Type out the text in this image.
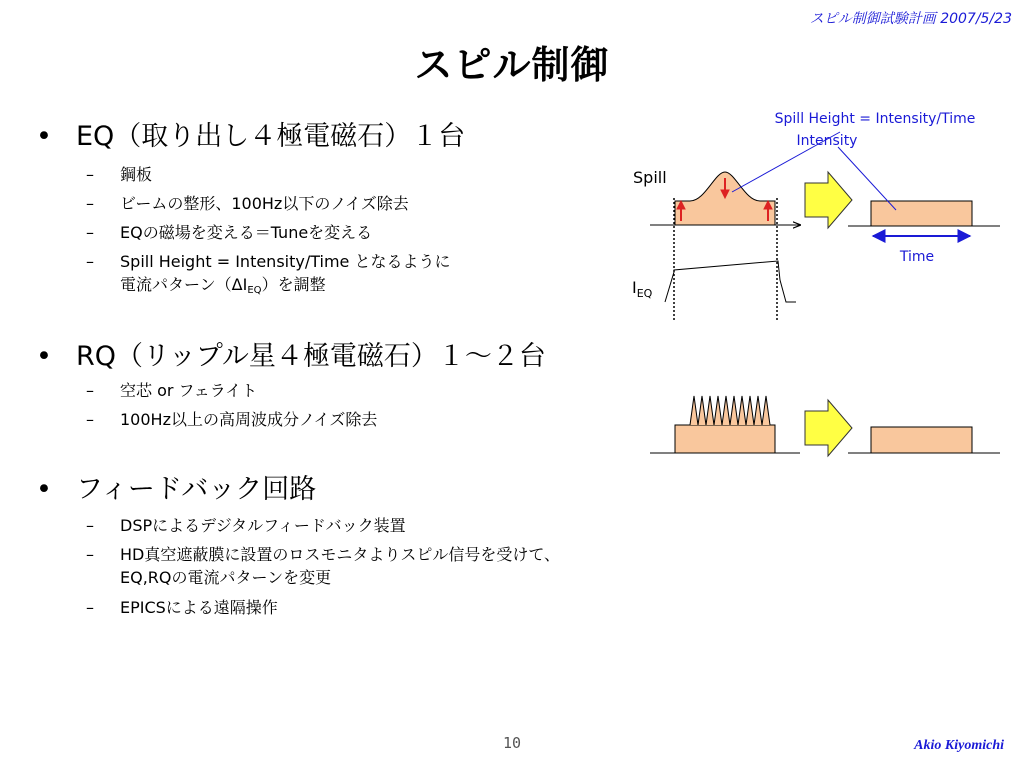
スピル制御試験計画 2007/5/23
スピル制御
• EQ（取り出し４極電磁石）１台
– 鋼板
– ビームの整形、100Hz以下のノイズ除去
– EQの磁場を変える＝Tuneを変える
– Spill Height = Intensity/Time となるように
電流パターン$(\Delta I_{EQ})$を調整
• RQ（リップル星４極電磁石）１～２台
– 空芯 or フェライト
– 100Hz以上の高周波成分ノイズ除去
• フィードバック回路
– DSPによるデジタルフィードバック装置
– HD真空遮蔽膜に設置のロスモニタよりスピル信号を受けて、
EQ,RQの電流パターンを変更
– EPICSによる遠隔操作
Spill Height = Intensity/Time
Intensity
Spill
$I_{EQ}$
Time
10	Akio Kiyomichi
